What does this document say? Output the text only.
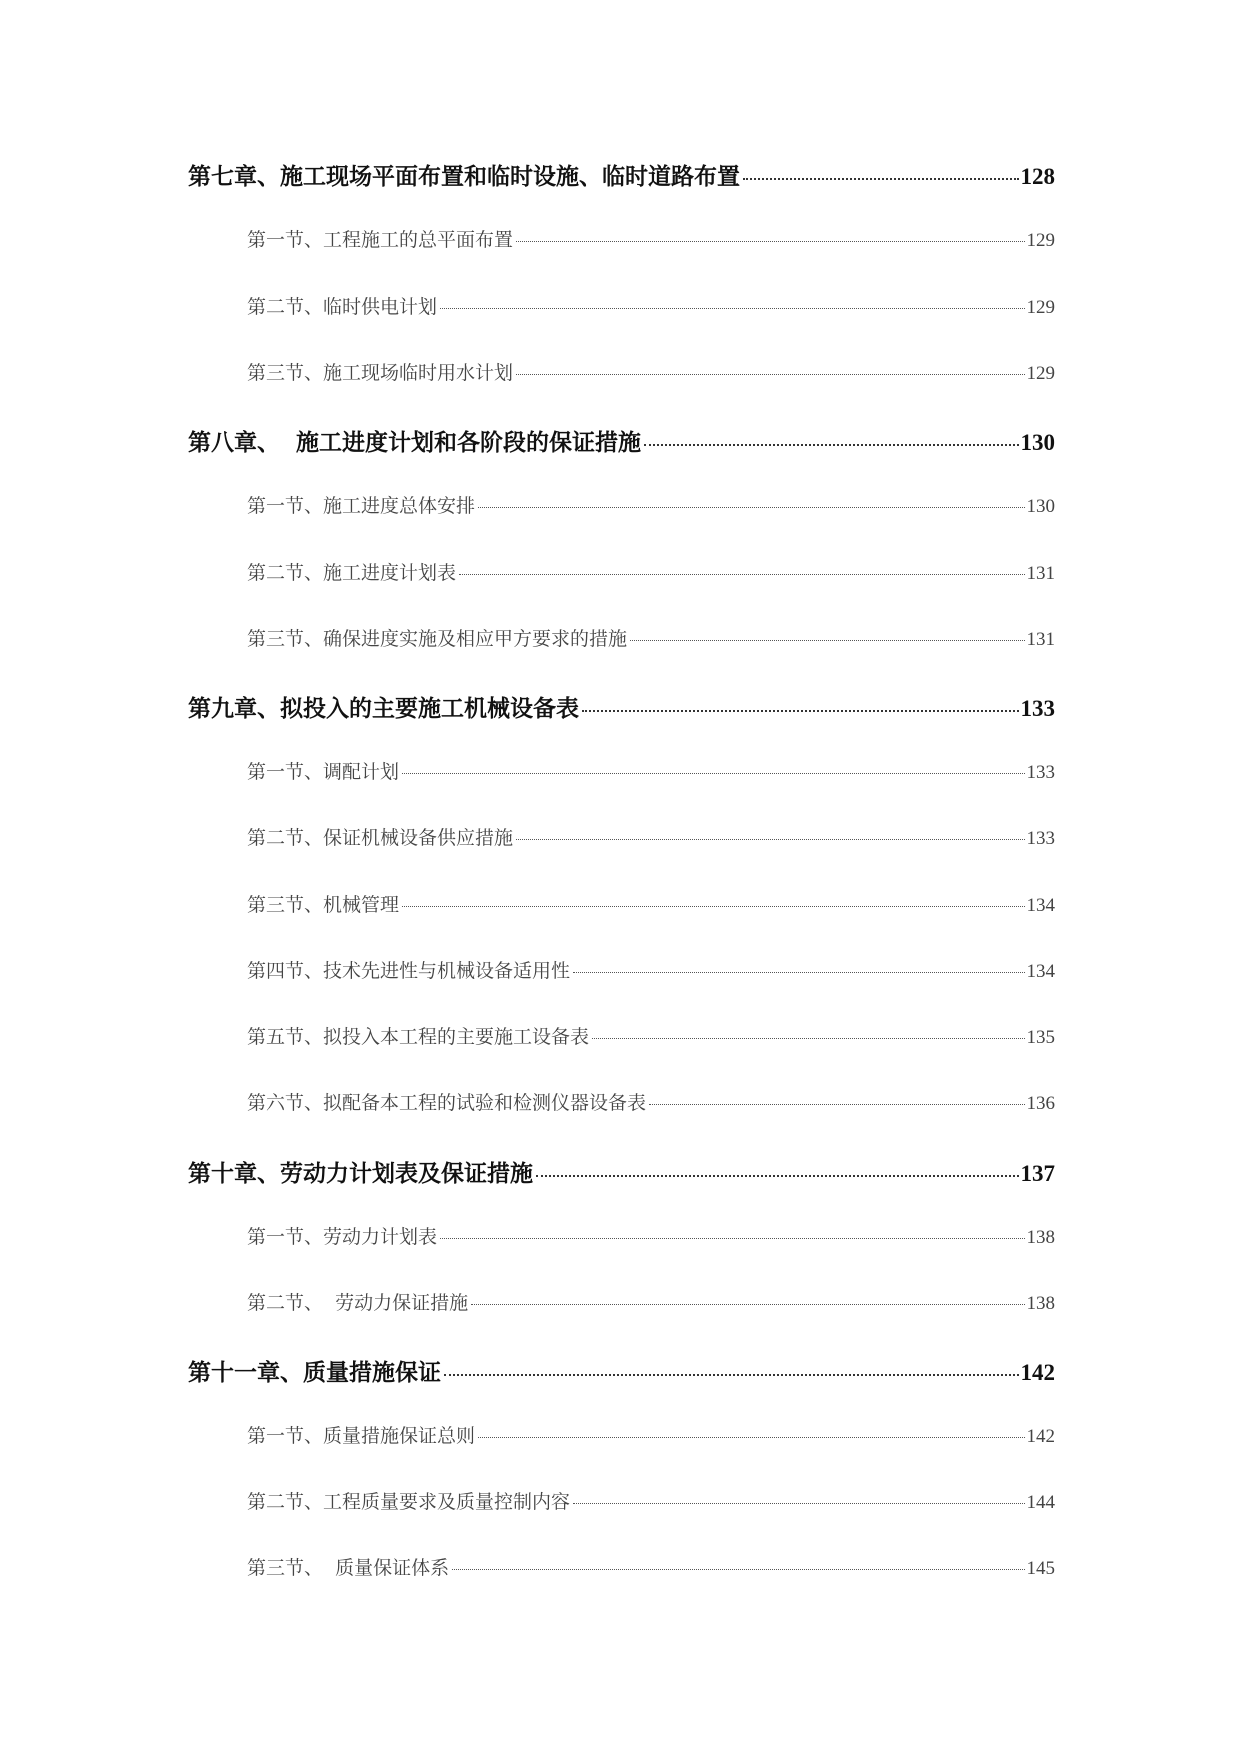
第七章、施工现场平面布置和临时设施、临时道路布置	128
第一节、工程施工的总平面布置	129
第二节、临时供电计划	129
第三节、施工现场临时用水计划	129
第八章、  施工进度计划和各阶段的保证措施	130
第一节、施工进度总体安排	130
第二节、施工进度计划表	131
第三节、确保进度实施及相应甲方要求的措施	131
第九章、拟投入的主要施工机械设备表	133
第一节、调配计划	133
第二节、保证机械设备供应措施	133
第三节、机械管理	134
第四节、技术先进性与机械设备适用性	134
第五节、拟投入本工程的主要施工设备表	135
第六节、拟配备本工程的试验和检测仪器设备表	136
第十章、劳动力计划表及保证措施	137
第一节、劳动力计划表	138
第二节、  劳动力保证措施	138
第十一章、质量措施保证	142
第一节、质量措施保证总则	142
第二节、工程质量要求及质量控制内容	144
第三节、  质量保证体系	145
